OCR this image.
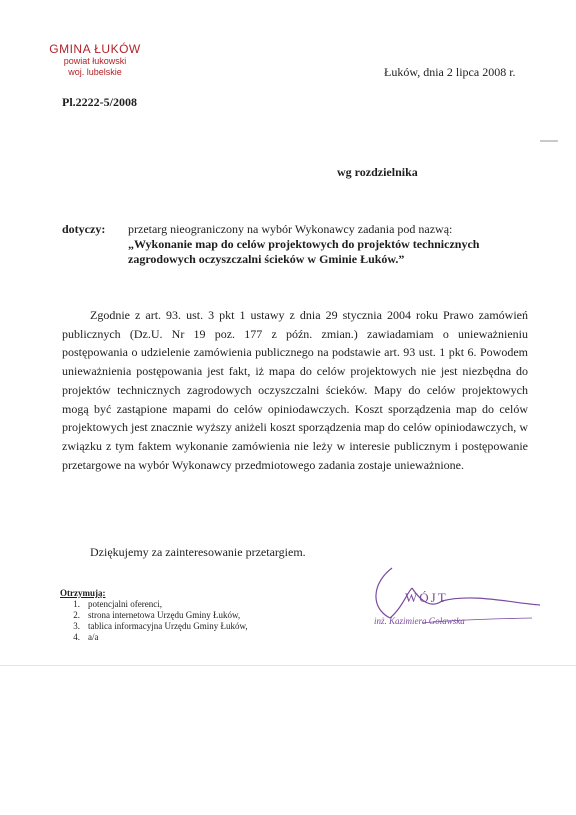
GMINA ŁUKÓW
powiat łukowski
woj. lubelskie	Łuków, dnia 2 lipca 2008 r.
Pl.2222-5/2008
wg rozdzielnika
dotyczy: przetarg nieograniczony na wybór Wykonawcy zadania pod nazwą:
„Wykonanie map do celów projektowych do projektów technicznych zagrodowych oczyszczalni ścieków w Gminie Łuków.”

Zgodnie z art. 93. ust. 3 pkt 1 ustawy z dnia 29 stycznia 2004 roku Prawo zamówień publicznych (Dz.U. Nr 19 poz. 177 z późn. zmian.) zawiadamiam o unieważnieniu postępowania o udzielenie zamówienia publicznego na podstawie art. 93 ust. 1 pkt 6. Powodem unieważnienia postępowania jest fakt, iż mapa do celów projektowych nie jest niezbędna do projektów technicznych zagrodowych oczyszczalni ścieków. Mapy do celów projektowych mogą być zastąpione mapami do celów opiniodawczych. Koszt sporządzenia map do celów projektowych jest znacznie wyższy aniżeli koszt sporządzenia map do celów opiniodawczych, w związku z tym faktem wykonanie zamówienia nie leży w interesie publicznym i postępowanie przetargowe na wybór Wykonawcy przedmiotowego zadania zostaje unieważnione.

Dziękujemy za zainteresowanie przetargiem.
Otrzymują:
1. potencjalni oferenci,
2. strona internetowa Urzędu Gminy Łuków,
3. tablica informacyjna Urzędu Gminy Łuków,
4. a/a
WÓJT
inż. Kazimiera Goławska
